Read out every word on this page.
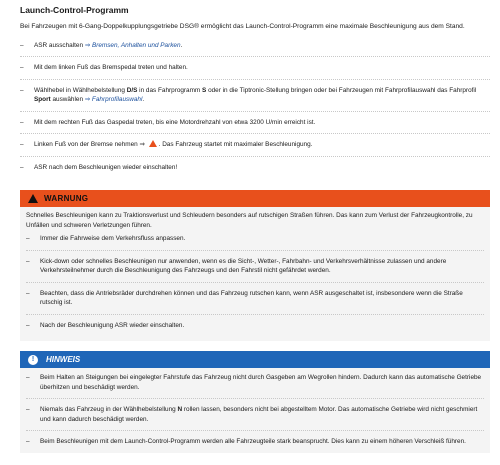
Launch-Control-Programm

Bei Fahrzeugen mit 6-Gang-Doppelkupplungsgetriebe DSG® ermöglicht das Launch-Control-Programm eine maximale Beschleunigung aus dem Stand.

– ASR ausschalten ⇒ Bremsen, Anhalten und Parken.
– Mit dem linken Fuß das Bremspedal treten und halten.
– Wählhebel in Wählhebelstellung D/S in das Fahrprogramm S oder in die Tiptronic-Stellung bringen oder bei Fahrzeugen mit Fahrprofilauswahl das Fahrprofil Sport auswählen ⇒ Fahrprofilauswahl.
– Mit dem rechten Fuß das Gaspedal treten, bis eine Motordrehzahl von etwa 3200 U/min erreicht ist.
– Linken Fuß von der Bremse nehmen ⇒ . Das Fahrzeug startet mit maximaler Beschleunigung.
– ASR nach dem Beschleunigen wieder einschalten!
WARNUNG

Schnelles Beschleunigen kann zu Traktionsverlust und Schleudern besonders auf rutschigen Straßen führen. Das kann zum Verlust der Fahrzeugkontrolle, zu Unfällen und schweren Verletzungen führen.

– Immer die Fahrweise dem Verkehrsfluss anpassen.
– Kick-down oder schnelles Beschleunigen nur anwenden, wenn es die Sicht-, Wetter-, Fahrbahn- und Verkehrsverhältnisse zulassen und andere Verkehrsteilnehmer durch die Beschleunigung des Fahrzeugs und den Fahrstil nicht gefährdet werden.
– Beachten, dass die Antriebsräder durchdrehen können und das Fahrzeug rutschen kann, wenn ASR ausgeschaltet ist, insbesondere wenn die Straße rutschig ist.
– Nach der Beschleunigung ASR wieder einschalten.
!	HINWEIS
– Beim Halten an Steigungen bei eingelegter Fahrstufe das Fahrzeug nicht durch Gasgeben am Wegrollen hindern. Dadurch kann das automatische Getriebe überhitzen und beschädigt werden.
– Niemals das Fahrzeug in der Wählhebelstellung N rollen lassen, besonders nicht bei abgestelltem Motor. Das automatische Getriebe wird nicht geschmiert und kann dadurch beschädigt werden.
– Beim Beschleunigen mit dem Launch-Control-Programm werden alle Fahrzeugteile stark beansprucht. Dies kann zu einem höheren Verschleiß führen.
